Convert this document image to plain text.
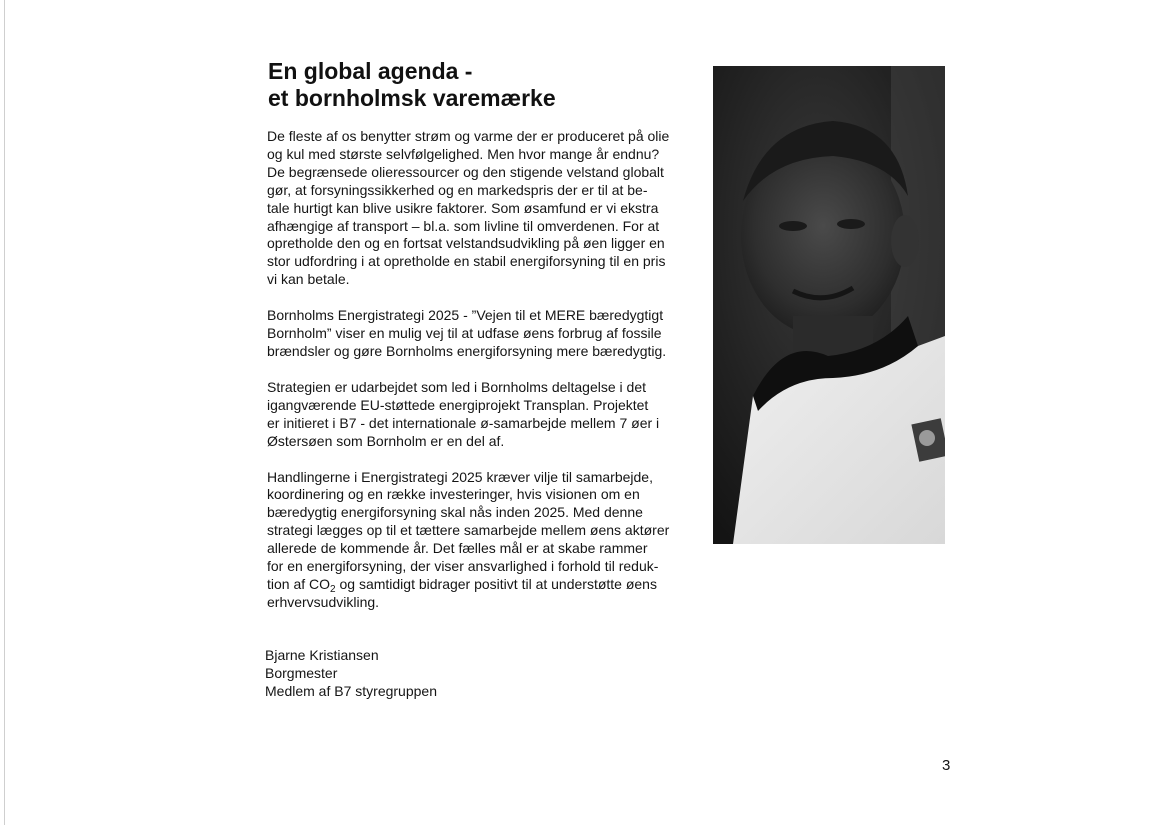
En global agenda -
et bornholmsk varemærke

De fleste af os benytter strøm og varme der er produceret på olie
og kul med største selvfølgelighed. Men hvor mange år endnu?
De begrænsede olieressourcer og den stigende velstand globalt
gør, at forsyningssikkerhed og en markedspris der er til at be-
tale hurtigt kan blive usikre faktorer. Som øsamfund er vi ekstra
afhængige af transport – bl.a. som livline til omverdenen. For at
opretholde den og en fortsat velstandsudvikling på øen ligger en
stor udfordring i at opretholde en stabil energiforsyning til en pris
vi kan betale.

Bornholms Energistrategi 2025 - ”Vejen til et MERE bæredygtigt
Bornholm” viser en mulig vej til at udfase øens forbrug af fossile
brændsler og gøre Bornholms energiforsyning mere bæredygtig.

Strategien er udarbejdet som led i Bornholms deltagelse i det
igangværende EU-støttede energiprojekt Transplan. Projektet
er initieret i B7 - det internationale ø-samarbejde mellem 7 øer i
Østersøen som Bornholm er en del af.

Handlingerne i Energistrategi 2025 kræver vilje til samarbejde,
koordinering og en række investeringer, hvis visionen om en
bæredygtig energiforsyning skal nås inden 2025. Med denne
strategi lægges op til et tættere samarbejde mellem øens aktører
allerede de kommende år. Det fælles mål er at skabe rammer
for en energiforsyning, der viser ansvarlighed i forhold til reduk-
tion af $CO_2$ og samtidigt bidrager positivt til at understøtte øens
erhvervsudvikling.

Bjarne Kristiansen
Borgmester
Medlem af B7 styregruppen
3
